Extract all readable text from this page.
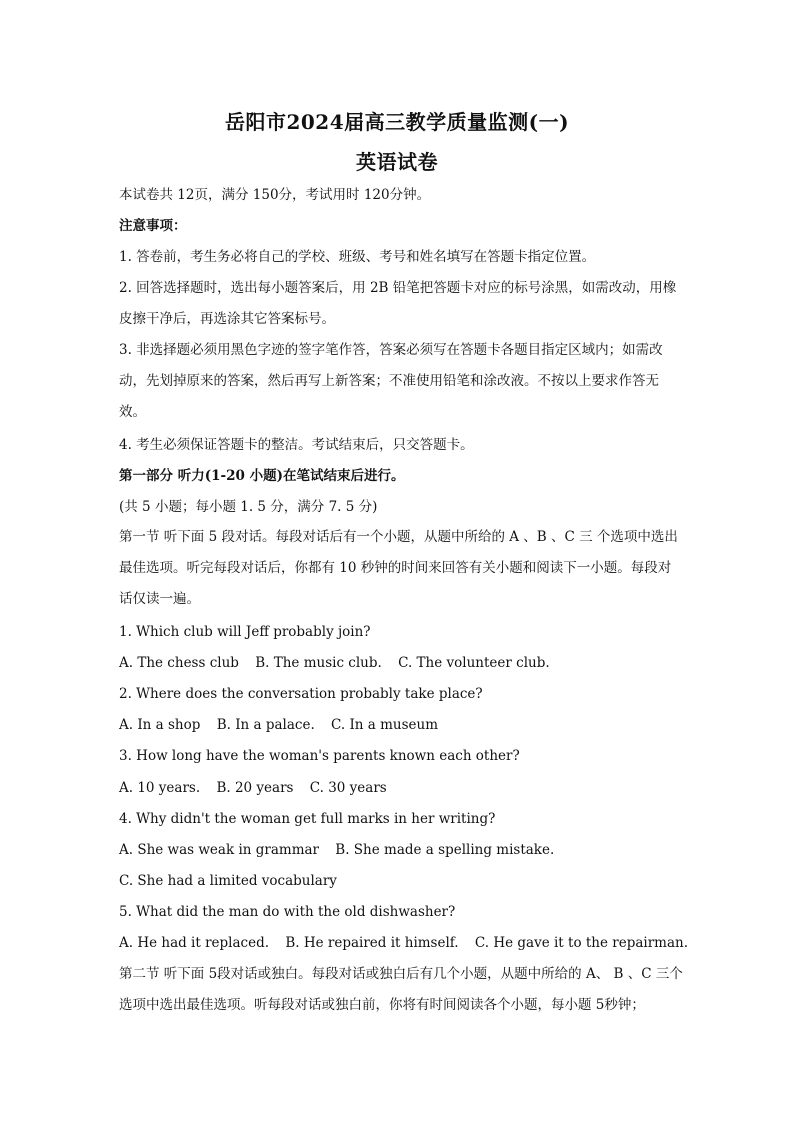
岳阳市2024届高三教学质量监测(一)
英语试卷
本试卷共 12页，满分 150分，考试用时 120分钟。
注意事项：
1. 答卷前，考生务必将自己的学校、班级、考号和姓名填写在答题卡指定位置。
2. 回答选择题时，选出每小题答案后，用 2B 铅笔把答题卡对应的标号涂黑，如需改动，用橡皮擦干净后，再选涂其它答案标号。
3. 非选择题必须用黑色字迹的签字笔作答，答案必须写在答题卡各题目指定区域内；如需改动，先划掉原来的答案，然后再写上新答案；不准使用铅笔和涂改液。不按以上要求作答无效。
4. 考生必须保证答题卡的整洁。考试结束后，只交答题卡。
第一部分 听力(1-20 小题)在笔试结束后进行。
(共 5 小题；每小题 1. 5 分，满分 7. 5 分)
第一节 听下面 5 段对话。每段对话后有一个小题，从题中所给的 A 、B 、C 三 个选项中选出最佳选项。听完每段对话后，你都有 10 秒钟的时间来回答有关小题和阅读下一小题。每段对话仅读一遍。
1. Which club will Jeff probably join?
A. The chess club B. The music club. C. The volunteer club.
2. Where does the conversation probably take place?
A. In a shop B. In a palace. C. In a museum
3. How long have the woman's parents known each other?
A. 10 years. B. 20 years C. 30 years
4. Why didn't the woman get full marks in her writing?
A. She was weak in grammar B. She made a spelling mistake.
C. She had a limited vocabulary
5. What did the man do with the old dishwasher?
A. He had it replaced. B. He repaired it himself. C. He gave it to the repairman.
第二节 听下面 5段对话或独白。每段对话或独白后有几个小题，从题中所给的 A、 B 、C 三个选项中选出最佳选项。听每段对话或独白前，你将有时间阅读各个小题，每小题 5秒钟；
